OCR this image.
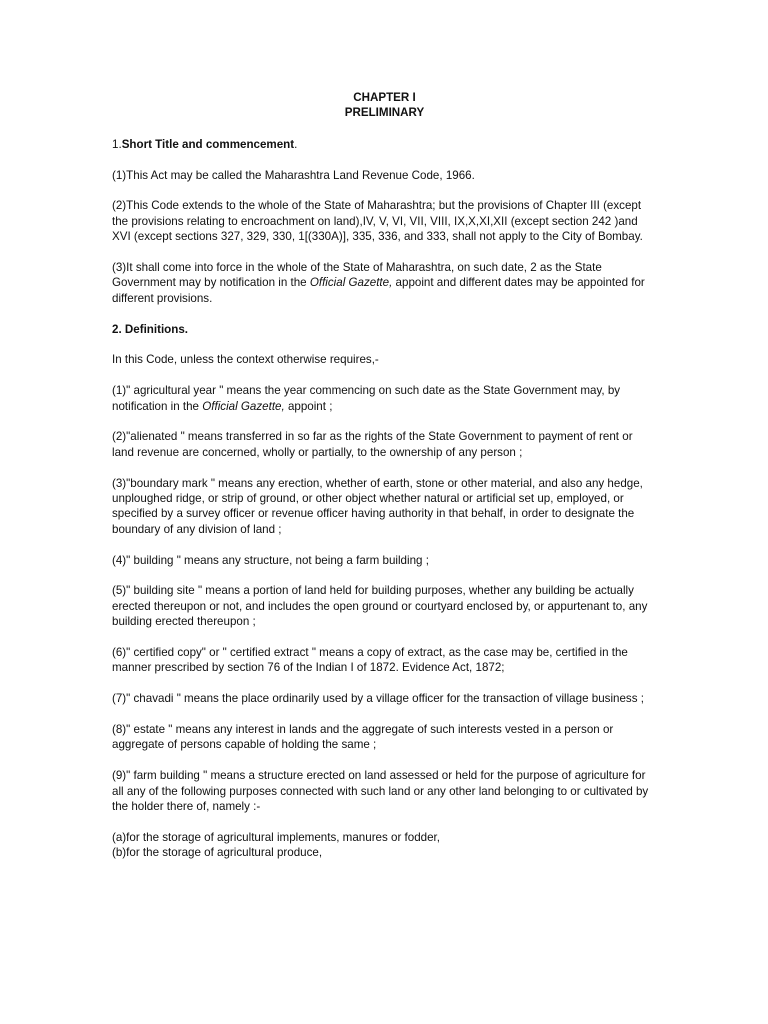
CHAPTER I
PRELIMINARY

1.Short Title and commencement.

(1)This Act may be called the Maharashtra Land Revenue Code, 1966.

(2)This Code extends to the whole of the State of Maharashtra; but the provisions of Chapter III (except the provisions relating to encroachment on land),IV, V, VI, VII, VIII, IX,X,XI,XII (except section 242 )and XVI (except sections 327, 329, 330, 1[(330A)], 335, 336, and 333, shall not apply to the City of Bombay.

(3)It shall come into force in the whole of the State of Maharashtra, on such date, 2 as the State Government may by notification in the Official Gazette, appoint and different dates may be appointed for different provisions.

2. Definitions.

In this Code, unless the context otherwise requires,-

(1)" agricultural year " means the year commencing on such date as the State Government may, by notification in the Official Gazette, appoint ;

(2)"alienated " means transferred in so far as the rights of the State Government to payment of rent or land revenue are concerned, wholly or partially, to the ownership of any person ;

(3)"boundary mark " means any erection, whether of earth, stone or other material, and also any hedge, unploughed ridge, or strip of ground, or other object whether natural or artificial set up, employed, or specified by a survey officer or revenue officer having authority in that behalf, in order to designate the boundary of any division of land ;

(4)" building " means any structure, not being a farm building ;

(5)" building site " means a portion of land held for building purposes, whether any building be actually erected thereupon or not, and includes the open ground or courtyard enclosed by, or appurtenant to, any building erected thereupon ;

(6)" certified copy" or " certified extract " means a copy of extract, as the case may be, certified in the manner prescribed by section 76 of the Indian I of 1872. Evidence Act, 1872;

(7)" chavadi " means the place ordinarily used by a village officer for the transaction of village business ;

(8)" estate " means any interest in lands and the aggregate of such interests vested in a person or aggregate of persons capable of holding the same ;

(9)" farm building " means a structure erected on land assessed or held for the purpose of agriculture for all any of the following purposes connected with such land or any other land belonging to or cultivated by the holder there of, namely :-

(a)for the storage of agricultural implements, manures or fodder,
(b)for the storage of agricultural produce,
